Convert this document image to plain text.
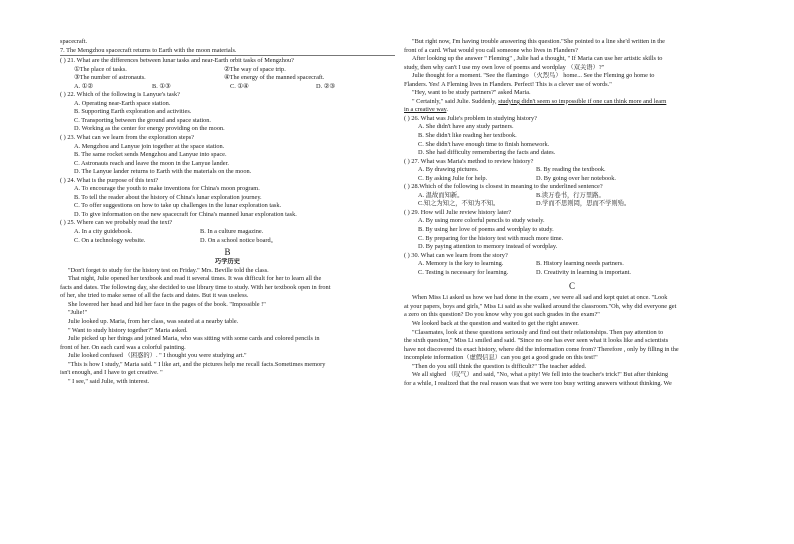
spacecraft.
7. The Mengzhou spacecraft returns to Earth with the moon materials.
( ) 21. What are the differences between lunar tasks and near-Earth orbit tasks of Mengzhou?
①The place of tasks.	②The way of space trip.
③The number of astronauts.	④The energy of the manned spacecraft.
A. ①②	B. ①③	C. ①④	D. ②③
( ) 22. Which of the following is Lanyue's task?
A. Operating near-Earth space station.
B. Supporting Earth exploration and activities.
C. Transporting between the ground and space station.
D. Working as the center for energy providing on the moon.
( ) 23. What can we learn from the exploration steps?
A. Mengzhou and Lanyue join together at the space station.
B. The same rocket sends Mengzhou and Lanyue into space.
C. Astronauts reach and leave the moon in the Lanyue lander.
D. The Lanyue lander returns to Earth with the materials on the moon.
( ) 24. What is the purpose of this text?
A. To encourage the youth to make inventions for China's moon program.
B. To tell the reader about the history of China's lunar exploration journey.
C. To offer suggestions on how to take up challenges in the lunar exploration task.
D. To give information on the new spacecraft for China's manned lunar exploration task.
( ) 25. Where can we probably read the text?
A. In a city guidebook.	B. In a culture magazine.
C. On a technology website.	D. On a school notice board。
B
巧学历史
"Don't forget to study for the history test on Friday." Mrs. Beville told the class.
That night, Julie opened her textbook and read it several times. It was difficult for her to learn all the
facts and dates. The following day, she decided to use library time to study. With her textbook open in front
of her, she tried to make sense of all the facts and dates. But it was useless.
She lowered her head and hid her face in the pages of the book. "Impossible !"
"Julie!"
Julie looked up. Maria, from her class, was seated at a nearby table.
" Want to study history together?" Maria asked.
Julie picked up her things and joined Maria, who was sitting with some cards and colored pencils in
front of her. On each card was a colorful painting.
Julie looked confused （困惑的）. " I thought you were studying art."
"This is how I study," Maria said. " I like art, and the pictures help me recall facts.Sometimes memory
isn't enough, and I have to get creative. "
" I see," said Julie, with interest.
"But right now, I'm having trouble answering this question."She pointed to a line she'd written in the
front of a card. What would you call someone who lives in Flanders?
After looking up the answer " Fleming" , Julie had a thought, " If Maria can use her artistic skills to
study, then why can't I use my own love of poems and wordplay （双关语）?"
Julie thought for a moment. "See the flamingo （火烈鸟） home... See the Fleming go home to
Flanders. Yes! A Fleming lives in Flanders. Perfect! This is a clever use of words."
"Hey, want to be study partners?" asked Maria.
" Certainly," said Julie. Suddenly, studying didn't seem so impossible if one can think more and learn
in a creative way.
( ) 26. What was Julie's problem in studying history?
A. She didn't have any study partners.
B. She didn't like reading her textbook.
C. She didn't have enough time to finish homework.
D. She had difficulty remembering the facts and dates.
( ) 27. What was Maria's method to review history?
A. By drawing pictures.	B. By reading the textbook.
C. By asking Julie for help.	D. By going over her notebook.
( ) 28.Which of the following is closest in meaning to the underlined sentence?
A. 温故而知新。	B.读万卷书，行万里路。
C.知之为知之，不知为不知。	D.学而不思则罔，思而不学则殆。
( ) 29. How will Julie review history later?
A. By using more colorful pencils to study wisely.
B. By using her love of poems and wordplay to study.
C. By preparing for the history test with much more time.
D. By paying attention to memory instead of wordplay.
( ) 30. What can we learn from the story?
A. Memory is the key to learning.	B. History learning needs partners.
C. Testing is necessary for learning.	D. Creativity in learning is important.
C
When Miss Li asked us how we had done in the exam , we were all sad and kept quiet at once. "Look
at your papers, boys and girls," Miss Li said as she walked around the classroom."Oh, why did everyone get
a zero on this question? Do you know why you got such grades in the exam?"
We looked back at the question and waited to get the right answer.
"Classmates, look at these questions seriously and find out their relationships. Then pay attention to
the sixth question," Miss Li smiled and said. "Since no one has ever seen what it looks like and scientists
have not discovered its exact history, where did the information come from? Therefore , only by filling in the
incomplete information（虚假信息）can you get a good grade on this test!"
"Then do you still think the question is difficult?" The teacher added.
We all sighed （叹气）and said, "No, what a pity! We fell into the teacher's trick!" But after thinking
for a while, I realized that the real reason was that we were too busy writing answers without thinking. We
